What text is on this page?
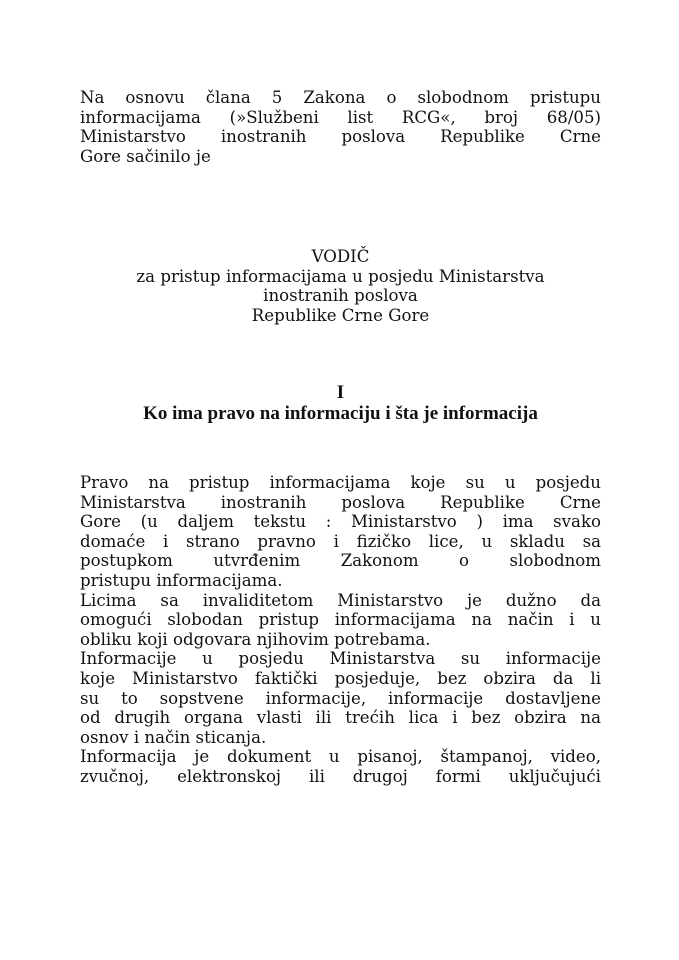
Na osnovu člana 5 Zakona o slobodnom pristupu
informacijama (»Službeni list RCG«, broj 68/05)
Ministarstvo inostranih poslova Republike Crne
Gore sačinilo je
VODIČ
za pristup informacijama u posjedu Ministarstva
inostranih poslova
Republike Crne Gore
I
Ko ima pravo na informaciju i šta je informacija
Pravo na pristup informacijama koje su u posjedu
Ministarstva inostranih poslova Republike Crne
Gore (u daljem tekstu : Ministarstvo ) ima svako
domaće i strano pravno i fizičko lice, u skladu sa
postupkom utvrđenim Zakonom o slobodnom
pristupu informacijama.
Licima sa invaliditetom Ministarstvo je dužno da
omogući slobodan pristup informacijama na način i u
obliku koji odgovara njihovim potrebama.
Informacije u posjedu Ministarstva su informacije
koje Ministarstvo faktički posjeduje, bez obzira da li
su to sopstvene informacije, informacije dostavljene
od drugih organa vlasti ili trećih lica i bez obzira na
osnov i način sticanja.
Informacija je dokument u pisanoj, štampanoj, video,
zvučnoj, elektronskoj ili drugoj formi uključujući
